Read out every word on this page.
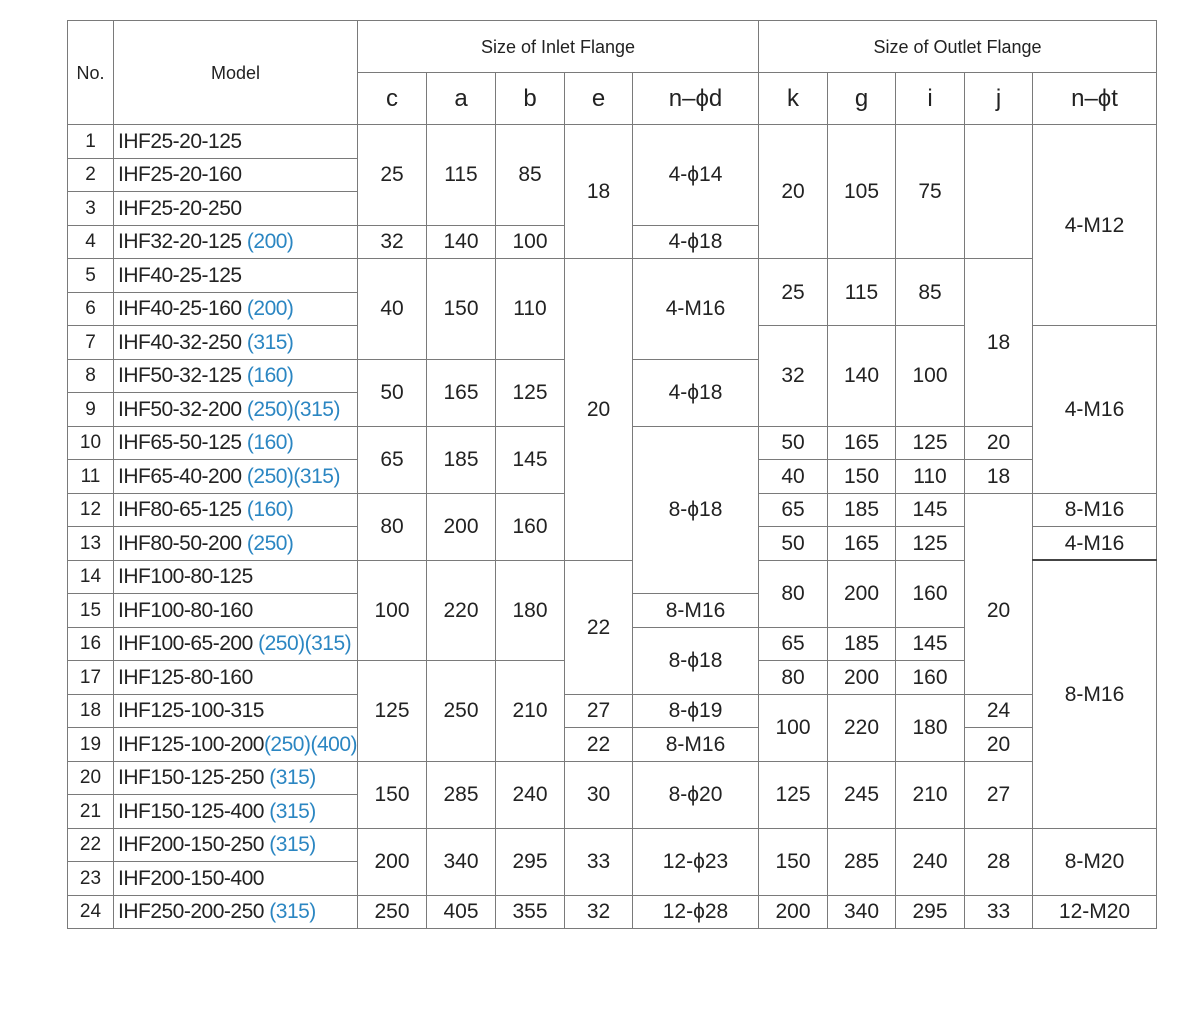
No.	Model	Size of Inlet Flange					Size of Outlet Flange				
		c	a	b	e	n–ϕd	k	g	i	j	n–ϕt
1	IHF25-20-125	25	115	85	18	4-ϕ14	20	105	75		4-M12
2	IHF25-20-160										
3	IHF25-20-250										
4	IHF32-20-125 (200)	32	140	100		4-ϕ18					
5	IHF40-25-125	40	150	110	20	4-M16	25	115	85	18	
6	IHF40-25-160 (200)										
7	IHF40-32-250 (315)						32	140	100		4-M16
8	IHF50-32-125 (160)	50	165	125		4-ϕ18					
9	IHF50-32-200 (250)(315)										
10	IHF65-50-125 (160)	65	185	145		8-ϕ18	50	165	125	20	
11	IHF65-40-200 (250)(315)						40	150	110	18	
12	IHF80-65-125 (160)	80	200	160			65	185	145		8-M16
13	IHF80-50-200 (250)						50	165	125	20	4-M16
14	IHF100-80-125	100	220	180	22		80	200	160		8-M16
15	IHF100-80-160					8-M16					
16	IHF100-65-200 (250)(315)					8-ϕ18	65	185	145		
17	IHF125-80-160	125	250	210			80	200	160		
18	IHF125-100-315				27	8-ϕ19	100	220	180	24	
19	IHF125-100-200(250)(400)				22	8-M16				20	
20	IHF150-125-250 (315)	150	285	240	30	8-ϕ20	125	245	210	27	
21	IHF150-125-400 (315)										
22	IHF200-150-250 (315)	200	340	295	33	12-ϕ23	150	285	240	28	8-M20
23	IHF200-150-400										
24	IHF250-200-250 (315)	250	405	355	32	12-ϕ28	200	340	295	33	12-M20
